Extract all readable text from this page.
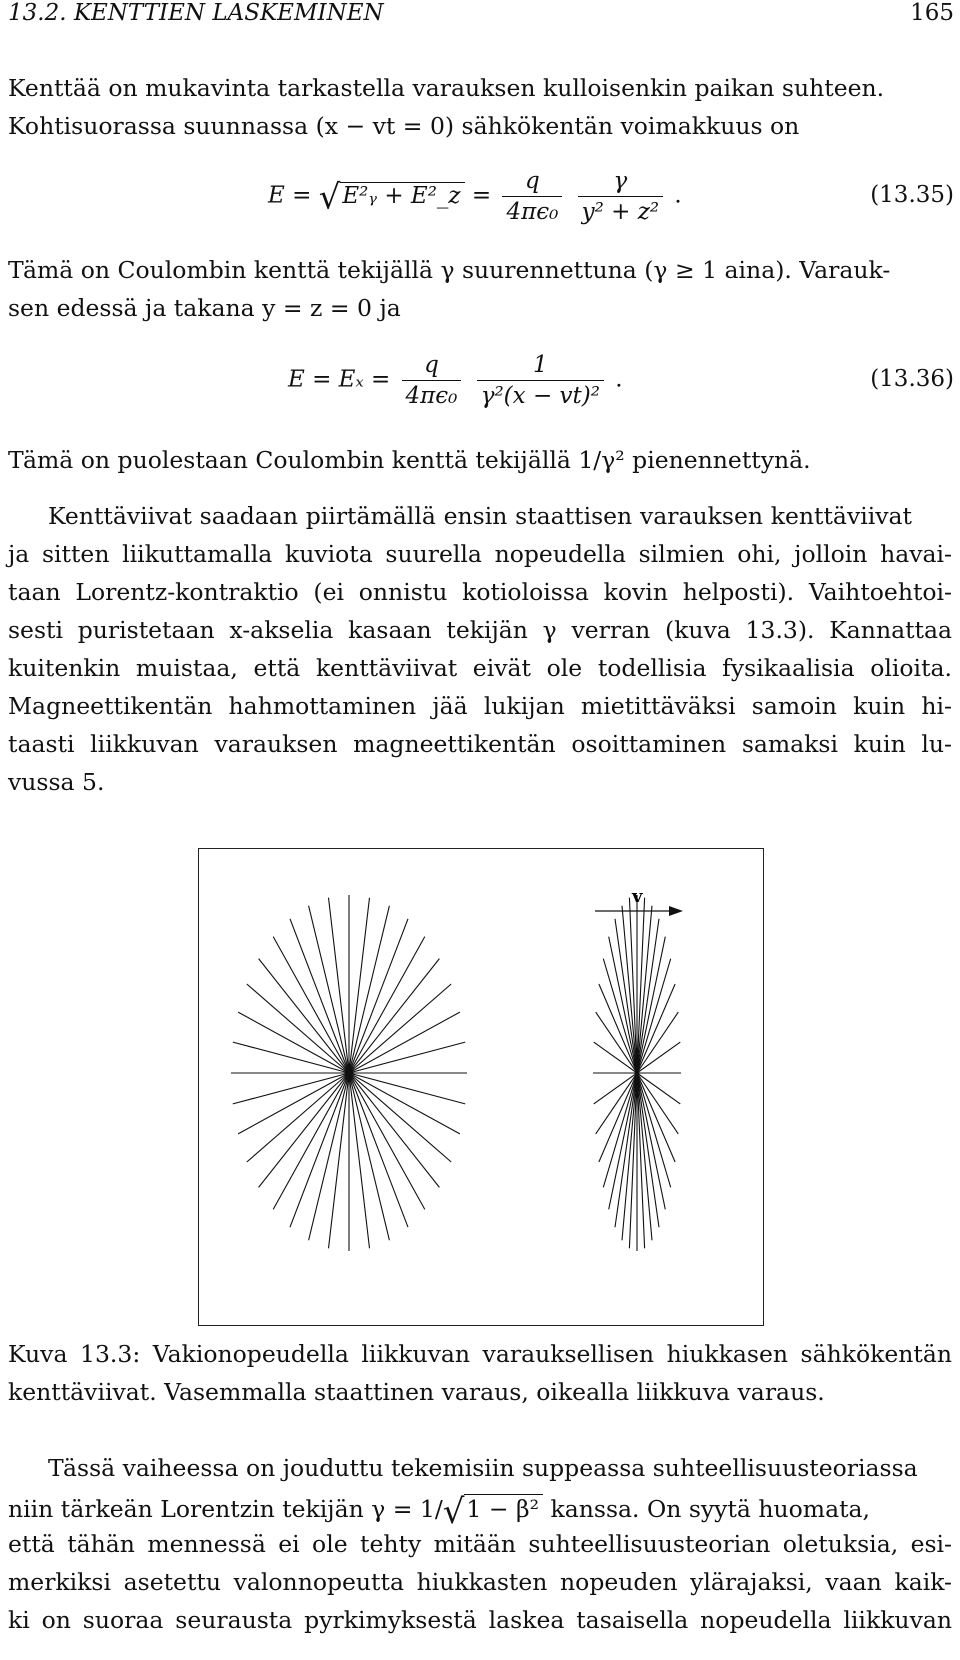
13.2. KENTTIEN LASKEMINEN	165
Kenttää on mukavinta tarkastella varauksen kulloisenkin paikan suhteen.
Kohtisuorassa suunnassa (x − vt = 0) sähkökentän voimakkuus on
E = √E²ᵧ + E²_z = $\frac{q}{\text{4πϵ₀}}$
$\frac{\gamma}{\text{y² + z²}}$ .	(13.35)
Tämä on Coulombin kenttä tekijällä γ suurennettuna (γ ≥ 1 aina). Varauk-
sen edessä ja takana y = z = 0 ja
$E = E_x = \frac{q}{\text{4πϵ₀}}$
$\frac{1}{\text{γ²(x − vt)²}}$ .	(13.36)
Tämä on puolestaan Coulombin kenttä tekijällä 1/γ² pienennettynä.
Kenttäviivat saadaan piirtämällä ensin staattisen varauksen kenttäviivat
ja sitten liikuttamalla kuviota suurella nopeudella silmien ohi, jolloin havai-
taan Lorentz-kontraktio (ei onnistu kotioloissa kovin helposti). Vaihtoehtoi-
sesti puristetaan x-akselia kasaan tekijän γ verran (kuva 13.3). Kannattaa
kuitenkin muistaa, että kenttäviivat eivät ole todellisia fysikaalisia olioita.
Magneettikentän hahmottaminen jää lukijan mietittäväksi samoin kuin hi-
taasti liikkuvan varauksen magneettikentän osoittaminen samaksi kuin lu-
vussa 5.
v
Kuva 13.3: Vakionopeudella liikkuvan varauksellisen hiukkasen sähkökentän
kenttäviivat. Vasemmalla staattinen varaus, oikealla liikkuva varaus.
Tässä vaiheessa on jouduttu tekemisiin suppeassa suhteellisuusteoriassa
niin tärkeän Lorentzin tekijän γ = 1/√1 − β² kanssa. On syytä huomata,
että tähän mennessä ei ole tehty mitään suhteellisuusteorian oletuksia, esi-
merkiksi asetettu valonnopeutta hiukkasten nopeuden ylärajaksi, vaan kaik-
ki on suoraa seurausta pyrkimyksestä laskea tasaisella nopeudella liikkuvan
